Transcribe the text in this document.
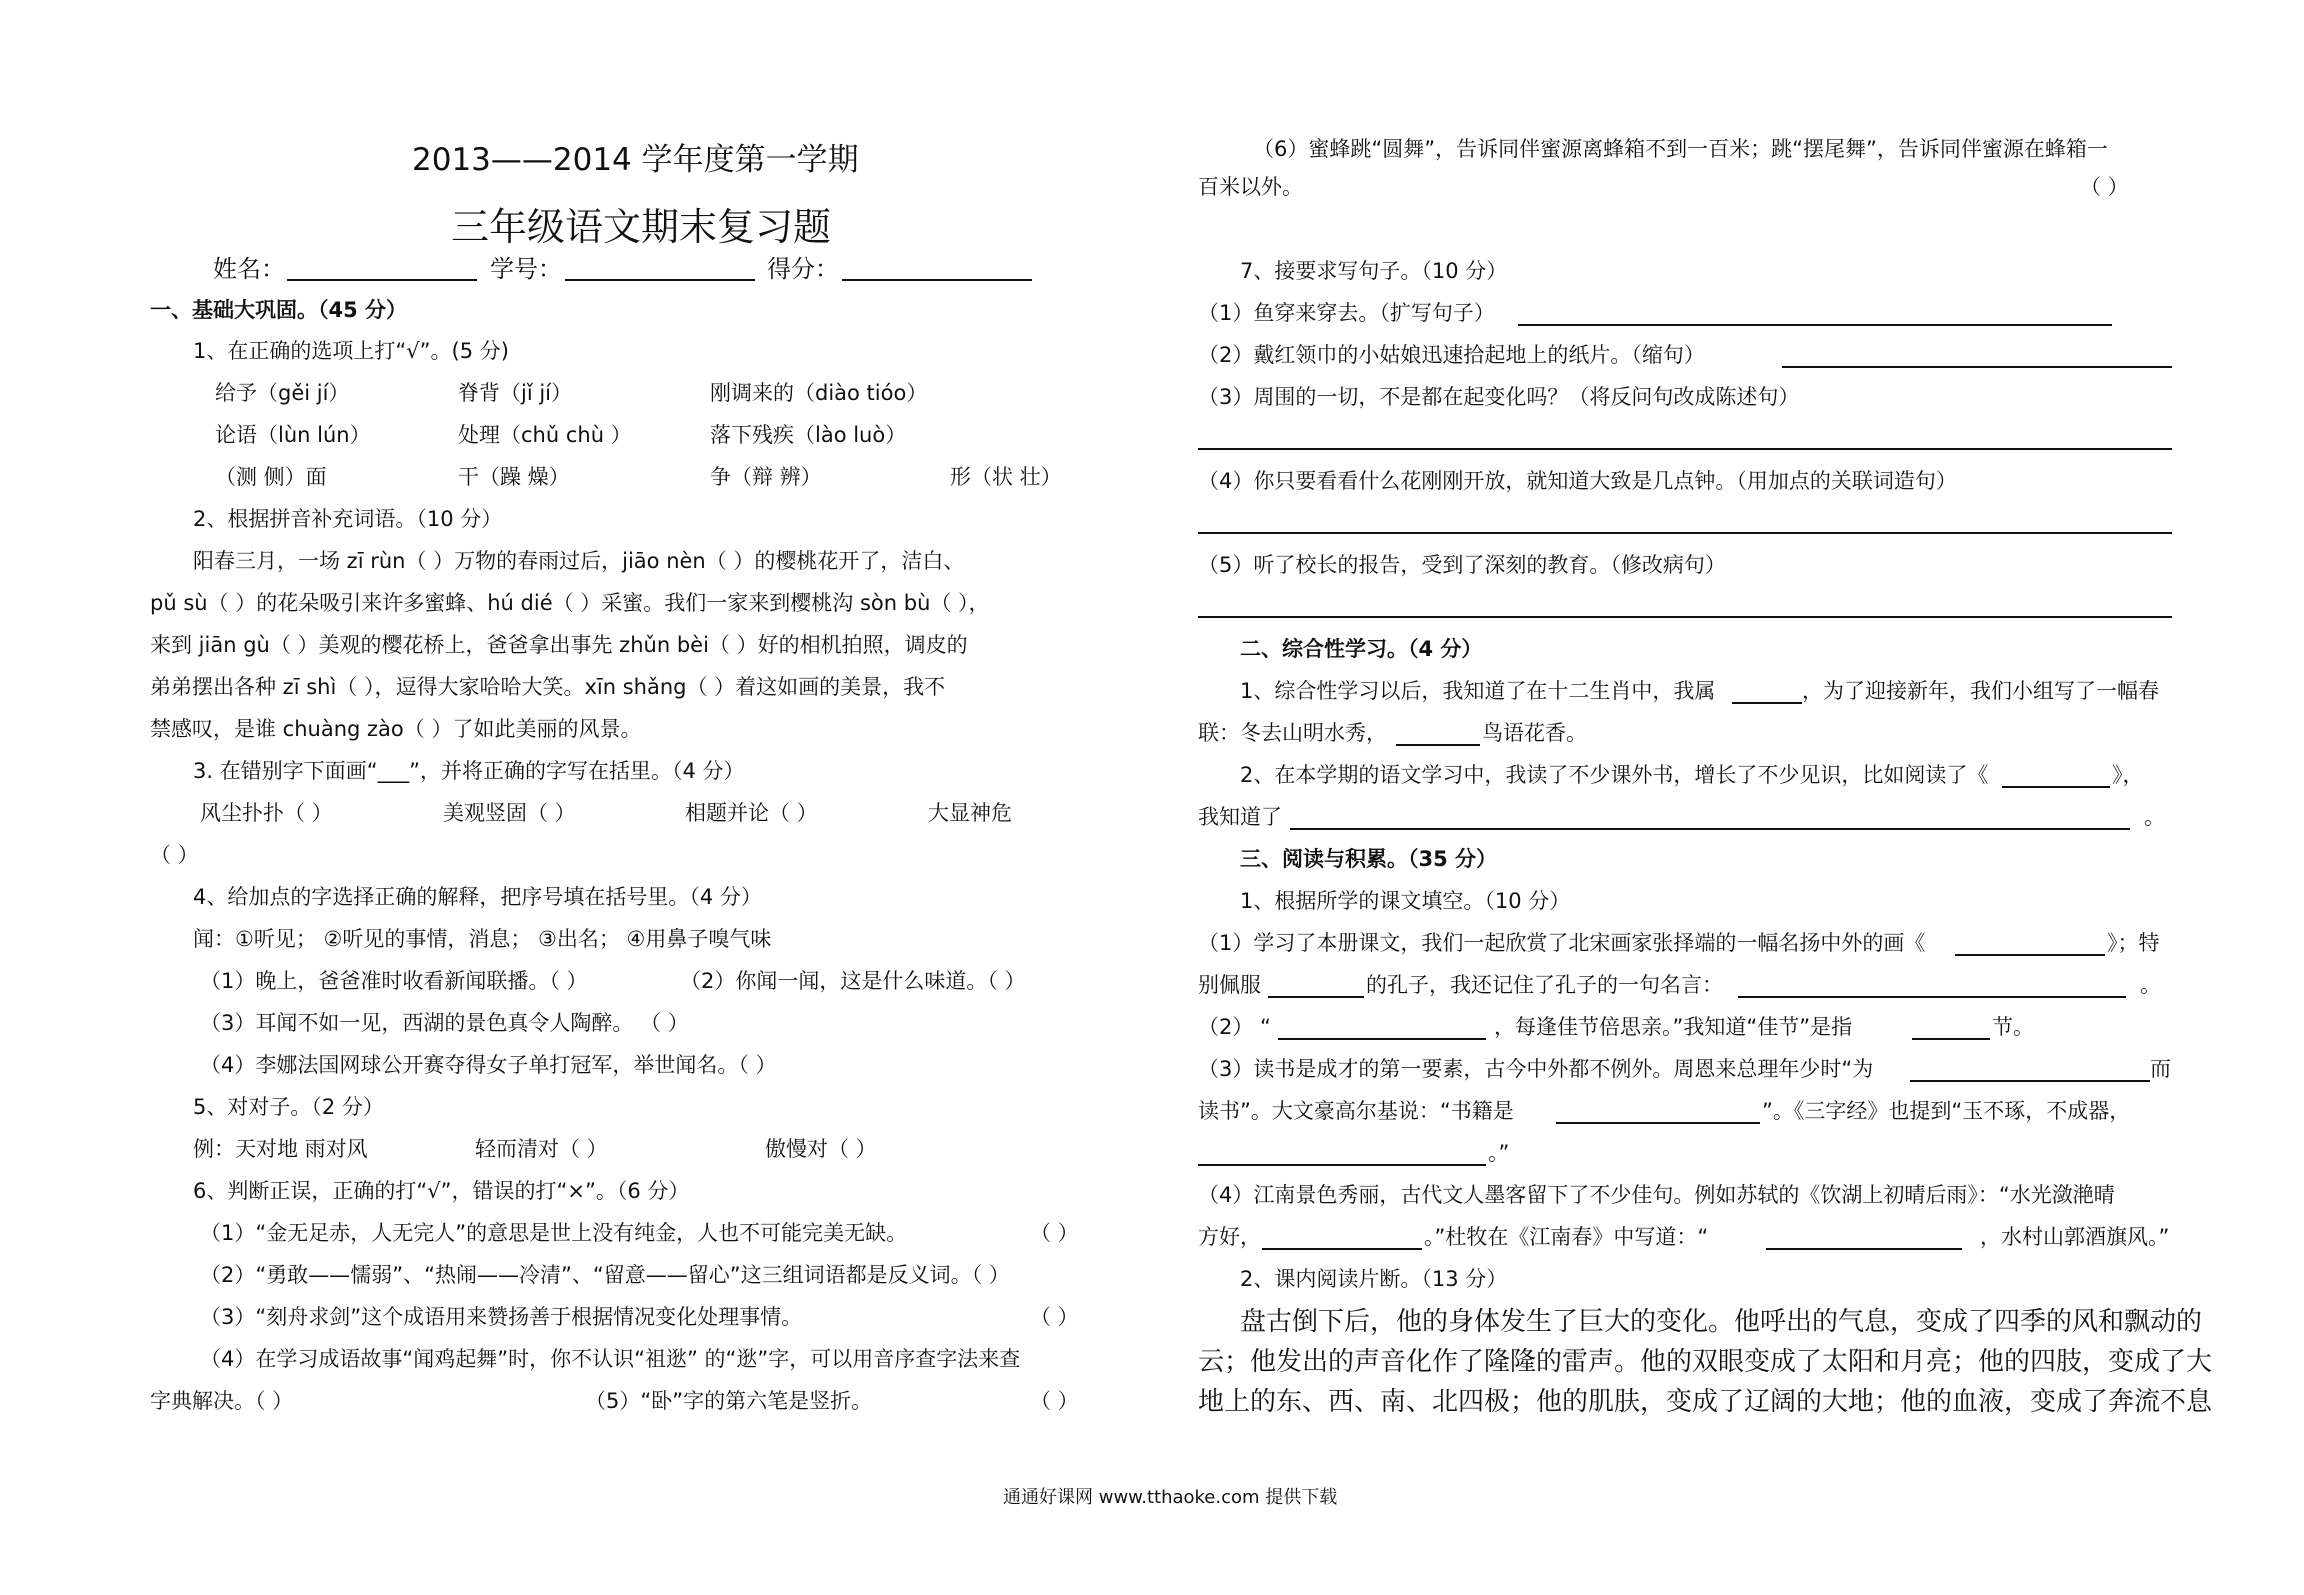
2013——2014 学年度第一学期
三年级语文期末复习题
姓名：	学号：	得分：
一、基础大巩固。（45 分）
1、在正确的选项上打“√”。(5 分)
给予（gěi jí）	脊背（jǐ jí）	刚调来的（diào tióo）
论语（lùn lún）	处理（chǔ chù ）	落下残疾（lào luò）
（测 侧）面	干（躁 燥）	争（辩 辨）	形（状 壮）
2、根据拼音补充词语。（10 分）
阳春三月，一场 zī rùn（ ）万物的春雨过后，jiāo nèn（ ）的樱桃花开了，洁白、
pǔ sù（ ）的花朵吸引来许多蜜蜂、hú dié（ ）采蜜。我们一家来到樱桃沟 sòn bù（ ），
来到 jiān gù（ ）美观的樱花桥上，爸爸拿出事先 zhǔn bèi（ ）好的相机拍照，调皮的
弟弟摆出各种 zī shì（ ），逗得大家哈哈大笑。xīn shǎng（ ）着这如画的美景，我不
禁感叹，是谁 chuàng zào（ ）了如此美丽的风景。
3. 在错别字下面画“___”，并将正确的字写在括里。（4 分）
风尘扑扑（ ）	美观竖固（ ）	相题并论（ ）	大显神危
（ ）
4、给加点的字选择正确的解释，把序号填在括号里。（4 分）
闻：①听见； ②听见的事情，消息； ③出名； ④用鼻子嗅气味
（1）晚上，爸爸准时收看新闻联播。（ ）	（2）你闻一闻，这是什么味道。（ ）
（3）耳闻不如一见，西湖的景色真令人陶醉。 （ ）
（4）李娜法国网球公开赛夺得女子单打冠军，举世闻名。（ ）
5、对对子。（2 分）
例：天对地 雨对风	轻而清对（ ）	傲慢对（ ）
6、判断正误，正确的打“√”，错误的打“×”。（6 分）
（1）“金无足赤，人无完人”的意思是世上没有纯金，人也不可能完美无缺。	（ ）
（2）“勇敢——懦弱”、“热闹——冷清”、“留意——留心”这三组词语都是反义词。（ ）
（3）“刻舟求剑”这个成语用来赞扬善于根据情况变化处理事情。	（ ）
（4）在学习成语故事“闻鸡起舞”时，你不认识“祖逖” 的“逖”字，可以用音序查字法来查
字典解决。（ ）	（5）“卧”字的第六笔是竖折。	（ ）
（6）蜜蜂跳“圆舞”，告诉同伴蜜源离蜂箱不到一百米；跳“摆尾舞”，告诉同伴蜜源在蜂箱一
百米以外。	（ ）
7、接要求写句子。（10 分）
（1）鱼穿来穿去。（扩写句子）
（2）戴红领巾的小姑娘迅速拾起地上的纸片。（缩句）
（3）周围的一切，不是都在起变化吗？（将反问句改成陈述句）
（4）你只要看看什么花刚刚开放，就知道大致是几点钟。（用加点的关联词造句）
（5）听了校长的报告，受到了深刻的教育。（修改病句）
二、综合性学习。（4 分）
1、综合性学习以后，我知道了在十二生肖中，我属	，为了迎接新年，我们小组写了一幅春
联：冬去山明水秀，	鸟语花香。
2、在本学期的语文学习中，我读了不少课外书，增长了不少见识，比如阅读了《	》，
我知道了	。
三、阅读与积累。（35 分）
1、根据所学的课文填空。（10 分）
（1）学习了本册课文，我们一起欣赏了北宋画家张择端的一幅名扬中外的画《	》；特
别佩服	的孔子，我还记住了孔子的一句名言：	。
（2） “	，每逢佳节倍思亲。”我知道“佳节”是指	节。
（3）读书是成才的第一要素，古今中外都不例外。周恩来总理年少时“为	而
读书”。大文豪高尔基说：“书籍是	”。《三字经》也提到“玉不琢，不成器，
。”
（4）江南景色秀丽，古代文人墨客留下了不少佳句。例如苏轼的《饮湖上初晴后雨》：“水光潋滟晴
方好，	。”杜牧在《江南春》中写道：“	，水村山郭酒旗风。”
2、课内阅读片断。（13 分）
盘古倒下后，他的身体发生了巨大的变化。他呼出的气息，变成了四季的风和飘动的
云；他发出的声音化作了隆隆的雷声。他的双眼变成了太阳和月亮；他的四肢，变成了大
地上的东、西、南、北四极；他的肌肤，变成了辽阔的大地；他的血液，变成了奔流不息
通通好课网 www.tthaoke.com 提供下载
